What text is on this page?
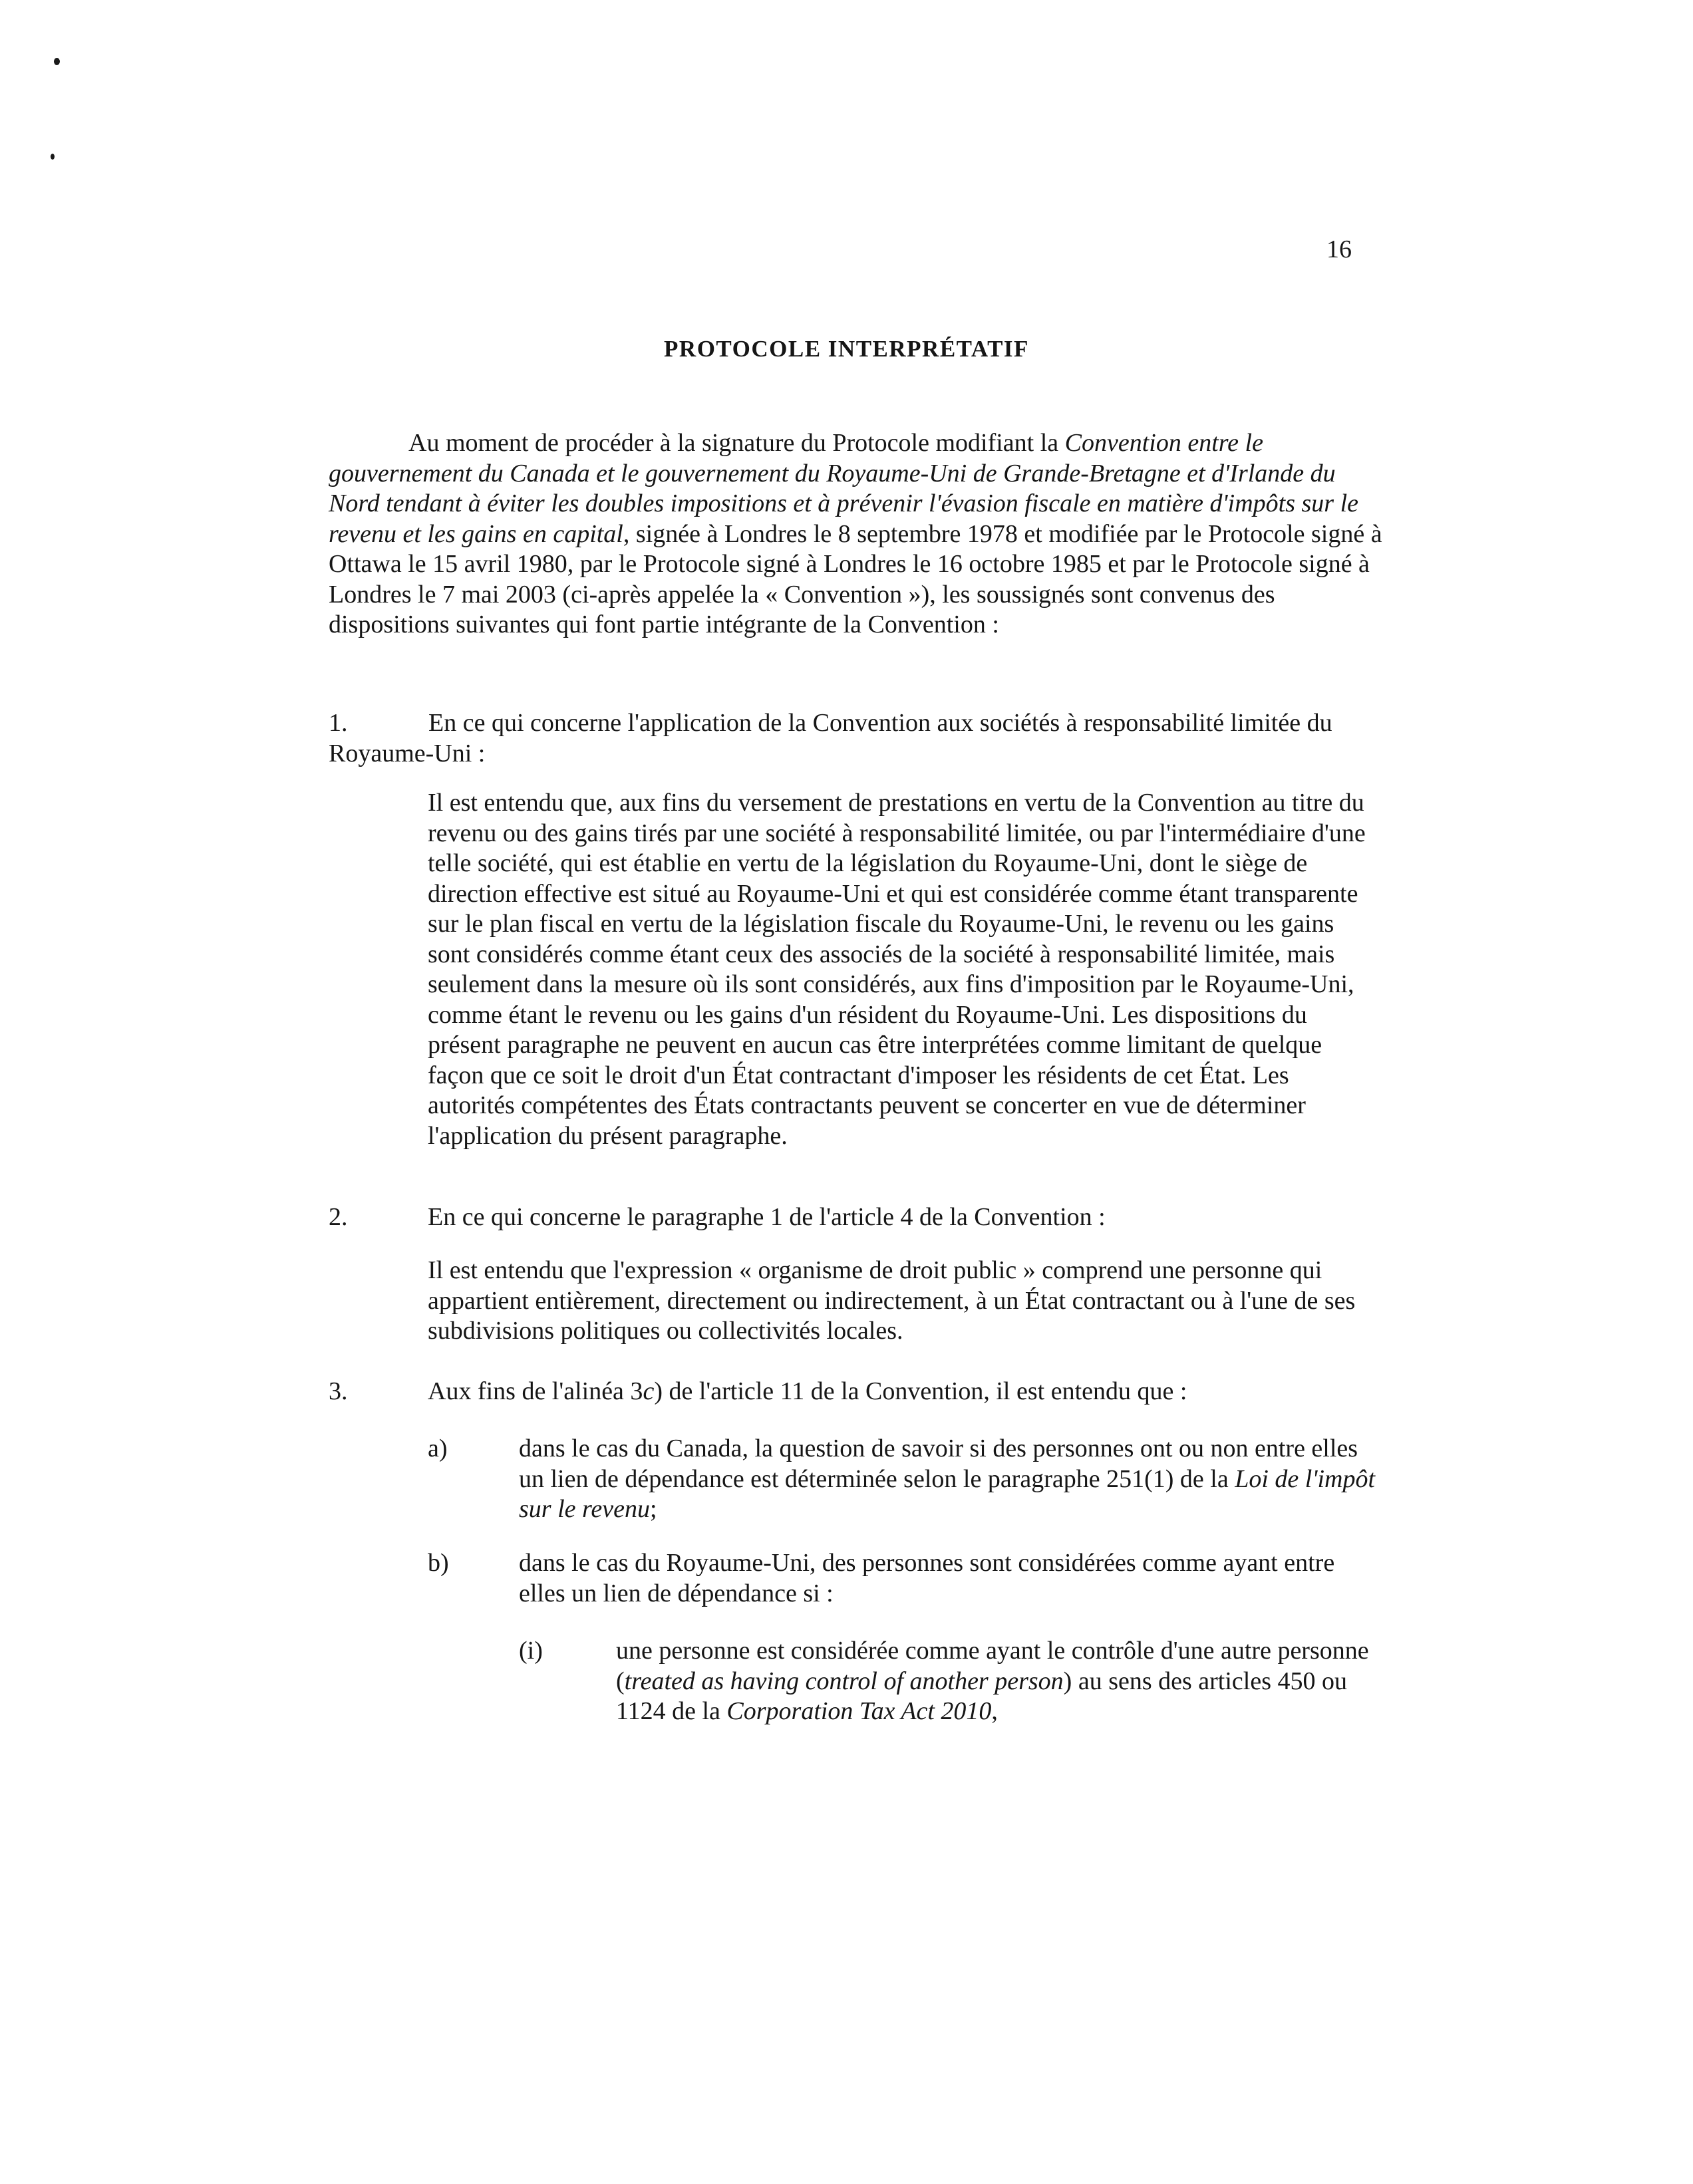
16
PROTOCOLE INTERPRÉTATIF

Au moment de procéder à la signature du Protocole modifiant la Convention entre le gouvernement du Canada et le gouvernement du Royaume-Uni de Grande-Bretagne et d'Irlande du Nord tendant à éviter les doubles impositions et à prévenir l'évasion fiscale en matière d'impôts sur le revenu et les gains en capital, signée à Londres le 8 septembre 1978 et modifiée par le Protocole signé à Ottawa le 15 avril 1980, par le Protocole signé à Londres le 16 octobre 1985 et par le Protocole signé à Londres le 7 mai 2003 (ci-après appelée la « Convention »), les soussignés sont convenus des dispositions suivantes qui font partie intégrante de la Convention :

1.	En ce qui concerne l'application de la Convention aux sociétés à responsabilité limitée du Royaume-Uni :
Il est entendu que, aux fins du versement de prestations en vertu de la Convention au titre du revenu ou des gains tirés par une société à responsabilité limitée, ou par l'intermédiaire d'une telle société, qui est établie en vertu de la législation du Royaume-Uni, dont le siège de direction effective est situé au Royaume-Uni et qui est considérée comme étant transparente sur le plan fiscal en vertu de la législation fiscale du Royaume-Uni, le revenu ou les gains sont considérés comme étant ceux des associés de la société à responsabilité limitée, mais seulement dans la mesure où ils sont considérés, aux fins d'imposition par le Royaume-Uni, comme étant le revenu ou les gains d'un résident du Royaume-Uni. Les dispositions du présent paragraphe ne peuvent en aucun cas être interprétées comme limitant de quelque façon que ce soit le droit d'un État contractant d'imposer les résidents de cet État. Les autorités compétentes des États contractants peuvent se concerter en vue de déterminer l'application du présent paragraphe.
2.	En ce qui concerne le paragraphe 1 de l'article 4 de la Convention :
Il est entendu que l'expression « organisme de droit public » comprend une personne qui appartient entièrement, directement ou indirectement, à un État contractant ou à l'une de ses subdivisions politiques ou collectivités locales.
3.	Aux fins de l'alinéa 3c) de l'article 11 de la Convention, il est entendu que :
a)	dans le cas du Canada, la question de savoir si des personnes ont ou non entre elles un lien de dépendance est déterminée selon le paragraphe 251(1) de la Loi de l'impôt sur le revenu;
b)	dans le cas du Royaume-Uni, des personnes sont considérées comme ayant entre elles un lien de dépendance si :
(i)	une personne est considérée comme ayant le contrôle d'une autre personne (treated as having control of another person) au sens des articles 450 ou 1124 de la Corporation Tax Act 2010,
